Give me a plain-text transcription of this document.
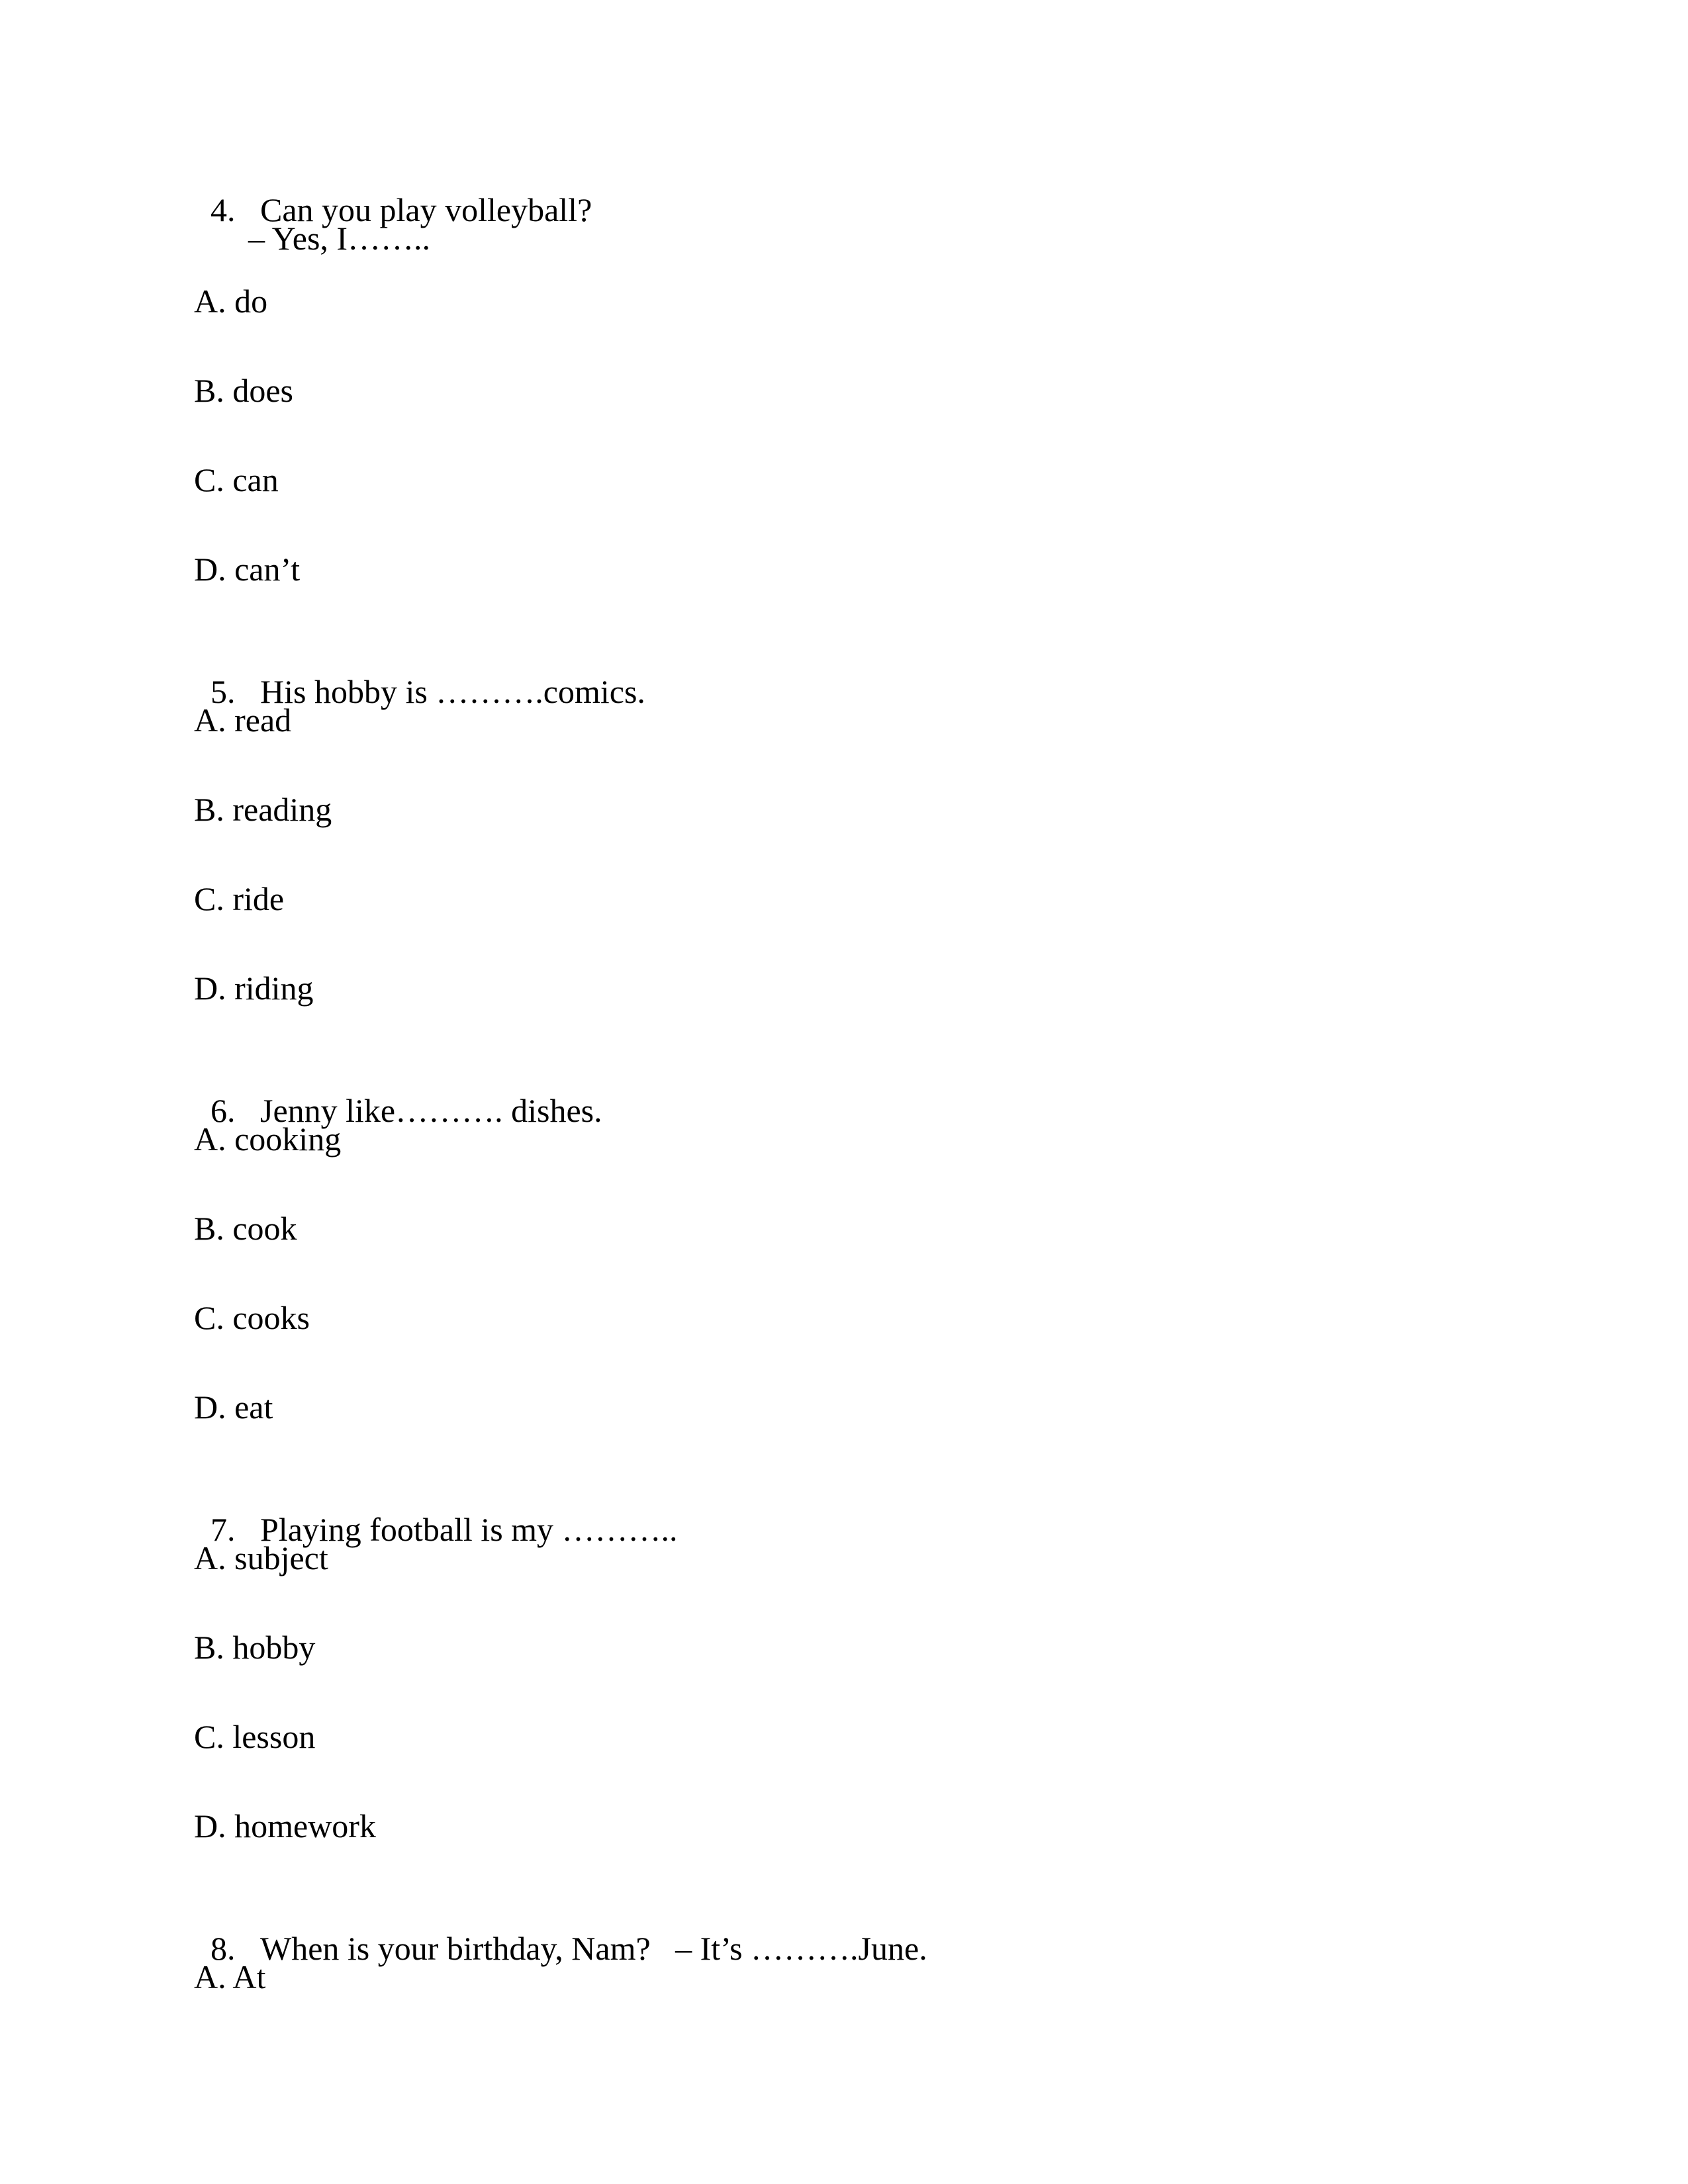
4. Can you play volleyball?

– Yes, I……..
A. do
B. does
C. can
D. can’t

5. His hobby is ……….comics.

A. read
B. reading
C. ride
D. riding

6. Jenny like………. dishes.

A. cooking
B. cook
C. cooks
D. eat

7. Playing football is my ………..

A. subject
B. hobby
C. lesson
D. homework

8. When is your birthday, Nam?   – It’s ……….June.

A. At
